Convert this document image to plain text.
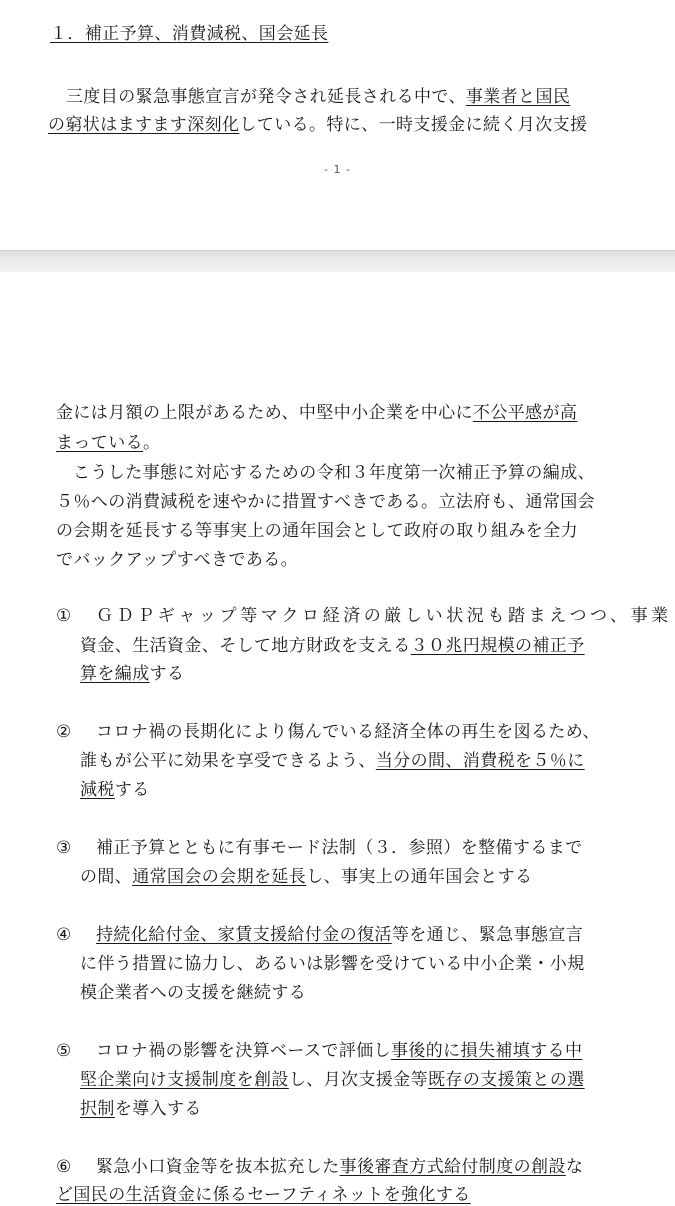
１．補正予算、消費減税、国会延長
三度目の緊急事態宣言が発令され延長される中で、事業者と国民
の窮状はますます深刻化している。特に、一時支援金に続く月次支援
- 1 -
金には月額の上限があるため、中堅中小企業を中心に不公平感が高
まっている。
こうした事態に対応するための令和３年度第一次補正予算の編成、
５％への消費減税を速やかに措置すべきである。立法府も、通常国会
の会期を延長する等事実上の通年国会として政府の取り組みを全力
でバックアップすべきである。
① ＧＤＰギャップ等マクロ経済の厳しい状況も踏まえつつ、事業
資金、生活資金、そして地方財政を支える３０兆円規模の補正予
算を編成する
② コロナ禍の長期化により傷んでいる経済全体の再生を図るため、
誰もが公平に効果を享受できるよう、当分の間、消費税を５％に
減税する
③ 補正予算とともに有事モード法制（３．参照）を整備するまで
の間、通常国会の会期を延長し、事実上の通年国会とする
④ 持続化給付金、家賃支援給付金の復活等を通じ、緊急事態宣言
に伴う措置に協力し、あるいは影響を受けている中小企業・小規
模企業者への支援を継続する
⑤ コロナ禍の影響を決算ベースで評価し事後的に損失補填する中
堅企業向け支援制度を創設し、月次支援金等既存の支援策との選
択制を導入する
⑥ 緊急小口資金等を抜本拡充した事後審査方式給付制度の創設な
ど国民の生活資金に係るセーフティネットを強化する
